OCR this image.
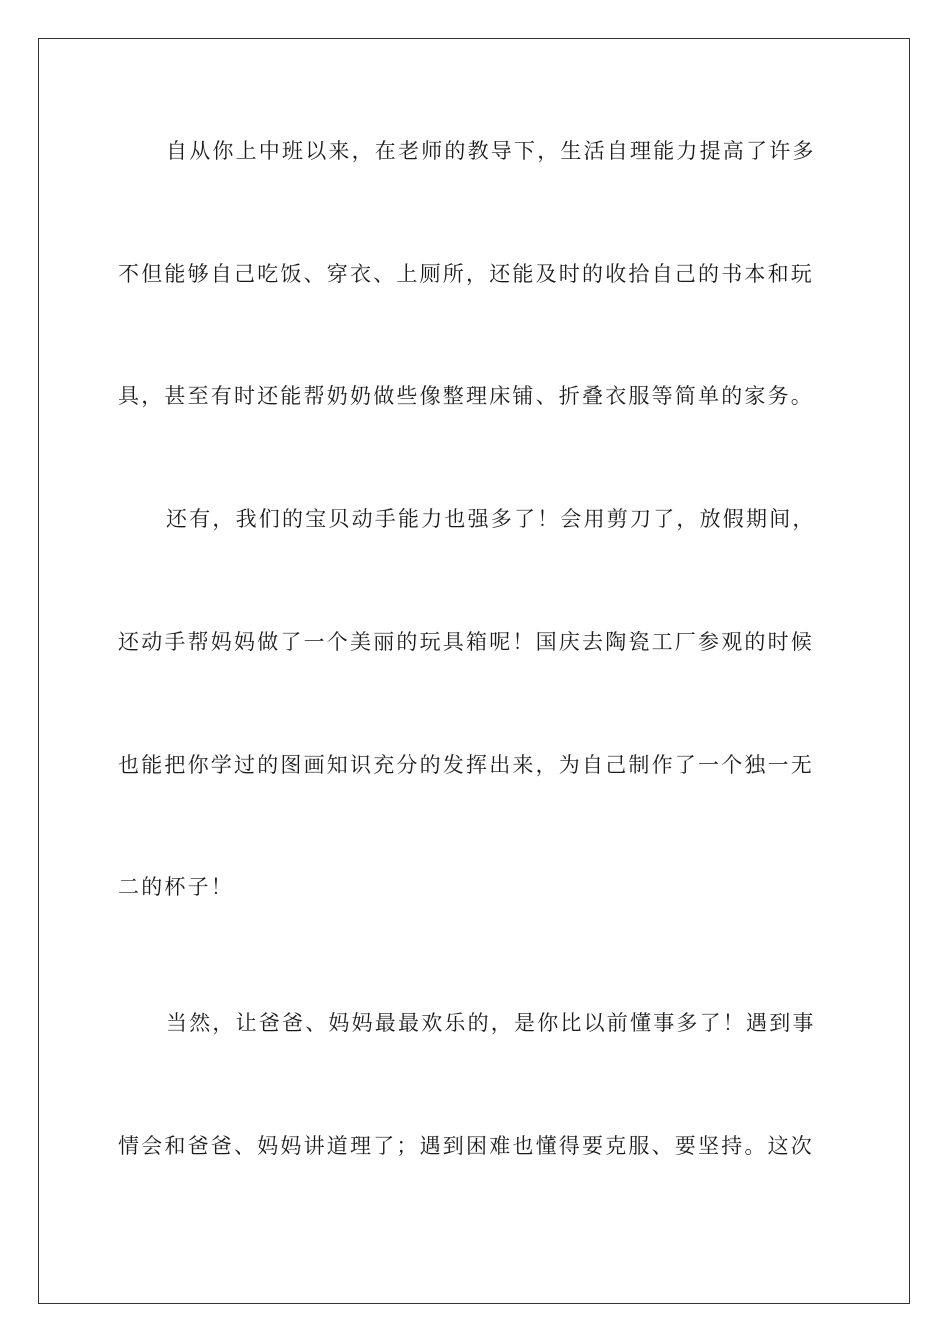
自从你上中班以来，在老师的教导下，生活自理能力提高了许多

不但能够自己吃饭、穿衣、上厕所，还能及时的收拾自己的书本和玩

具，甚至有时还能帮奶奶做些像整理床铺、折叠衣服等简单的家务。

还有，我们的宝贝动手能力也强多了！会用剪刀了，放假期间，

还动手帮妈妈做了一个美丽的玩具箱呢！国庆去陶瓷工厂参观的时候

也能把你学过的图画知识充分的发挥出来，为自己制作了一个独一无

二的杯子！

当然，让爸爸、妈妈最最欢乐的，是你比以前懂事多了！遇到事

情会和爸爸、妈妈讲道理了；遇到困难也懂得要克服、要坚持。这次
